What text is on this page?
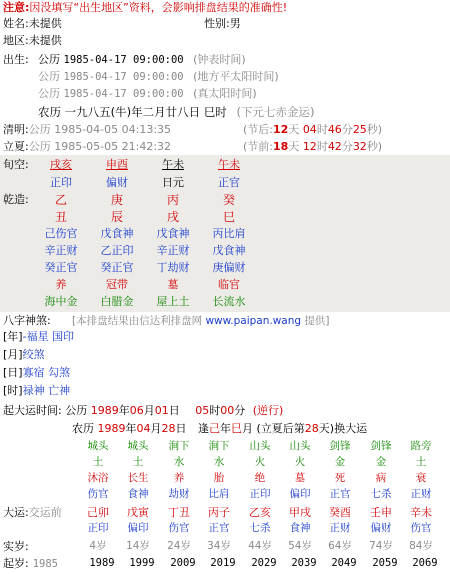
注意:因没填写“出生地区”资料，会影响排盘结果的准确性!
姓名:未提供	性别:男
地区:未提供
出生: 公历 1985-04-17 09:00:00 (钟表时间)
公历 1985-04-17 09:00:00 (地方平太阳时间)
公历 1985-04-17 09:00:00 (真太阳时间)
农历 一九八五(牛)年二月廿八日 巳时 (下元七赤金运)
清明:公历 1985-04-05 04:13:35	(节后:12天 04时46分25秒)
立夏:公历 1985-05-05 21:42:32	(节前:18天 12时42分32秒)
旬空:	戌亥	申酉	午未	午未
正印	偏财	日元	正官
乾造:	乙	庚	丙	癸
丑	辰	戌	巳
己伤官	戊食神	戊食神	丙比肩
辛正财	乙正印	辛正财	戊食神
癸正官	癸正官	丁劫财	庚偏财
养	冠带	墓	临官
海中金	白腊金	屋上土	长流水
八字神煞: [本排盘结果由信达利排盘网 www.paipan.wang 提供]
[年]-福星 国印
[月]绞煞
[日]寡宿 勾煞
[时]禄神 亡神
起大运时间: 公历 1989年06月01日 05时00分 (逆行)
农历 1989年04月28日 逢己年巳月 (立夏后第28天)换大运
城头	城头	涧下	涧下	山头	山头	剑锋	剑锋	路旁
土	土	水	水	火	火	金	金	土
沐浴	长生	养	胎	绝	墓	死	病	衰
伤官	食神	劫财	比肩	正印	偏印	正官	七杀	正财
大运:交运前	己卯	戊寅	丁丑	丙子	乙亥	甲戌	癸酉	壬申	辛未
正印	偏印	伤官	正官	七杀	食神	正财	偏财	伤官
实岁:	4岁	14岁	24岁	34岁	44岁	54岁	64岁	74岁	84岁
起岁: 1985	1989	1999	2009	2019	2029	2039	2049	2059	2069
